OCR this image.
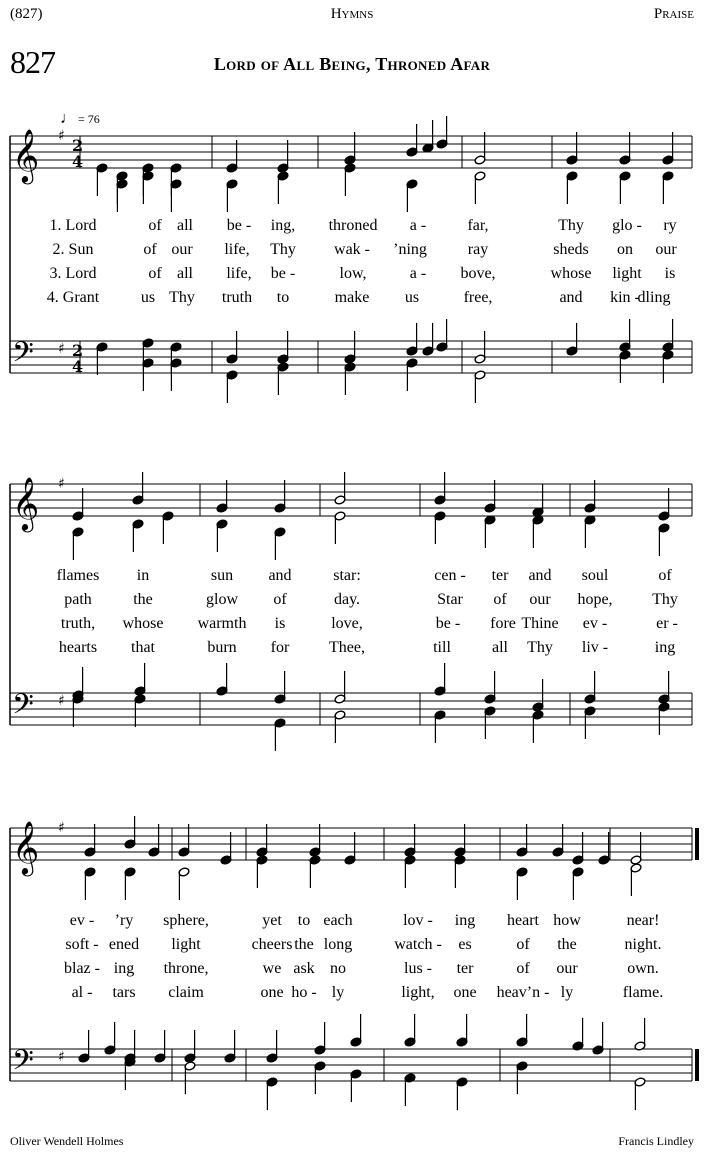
(827)	Hymns	Praise
827	Lord of All Being, Throned Afar
♩ = 76
𝄞 ♯ 2
4
𝄢 ♯ 2
4
𝄞 ♯
𝄢 ♯
𝄞 ♯
𝄢 ♯
1. Lord	of all be - ing, throned a -	far,	Thy glo - ry
2. Sun	of our life, Thy wak - ’ning	ray	sheds on our
3. Lord	of all life, be -	low,	a - bove,	whose light is
4. Grant	us Thy truth to	make us	free,	and kin -
dling
flames in	sun and	star:	cen - ter and soul	of
path	the	glow of	day.	Star of our hope, Thy
truth, whose warmth is	love,	be - fore Thine ev -	er -
hearts that	burn for Thee,	till	all Thy liv -	ing
ev - ’ry sphere,	yet to each	lov - ing heart how	near!
soft - ened light	cheers the long	watch - es	of the	night.
blaz - ing throne,	we ask no	lus - ter	of our	own.
al - tars claim	one ho - ly	light, one heav’n - ly	flame.
Oliver Wendell Holmes	Francis Lindley
